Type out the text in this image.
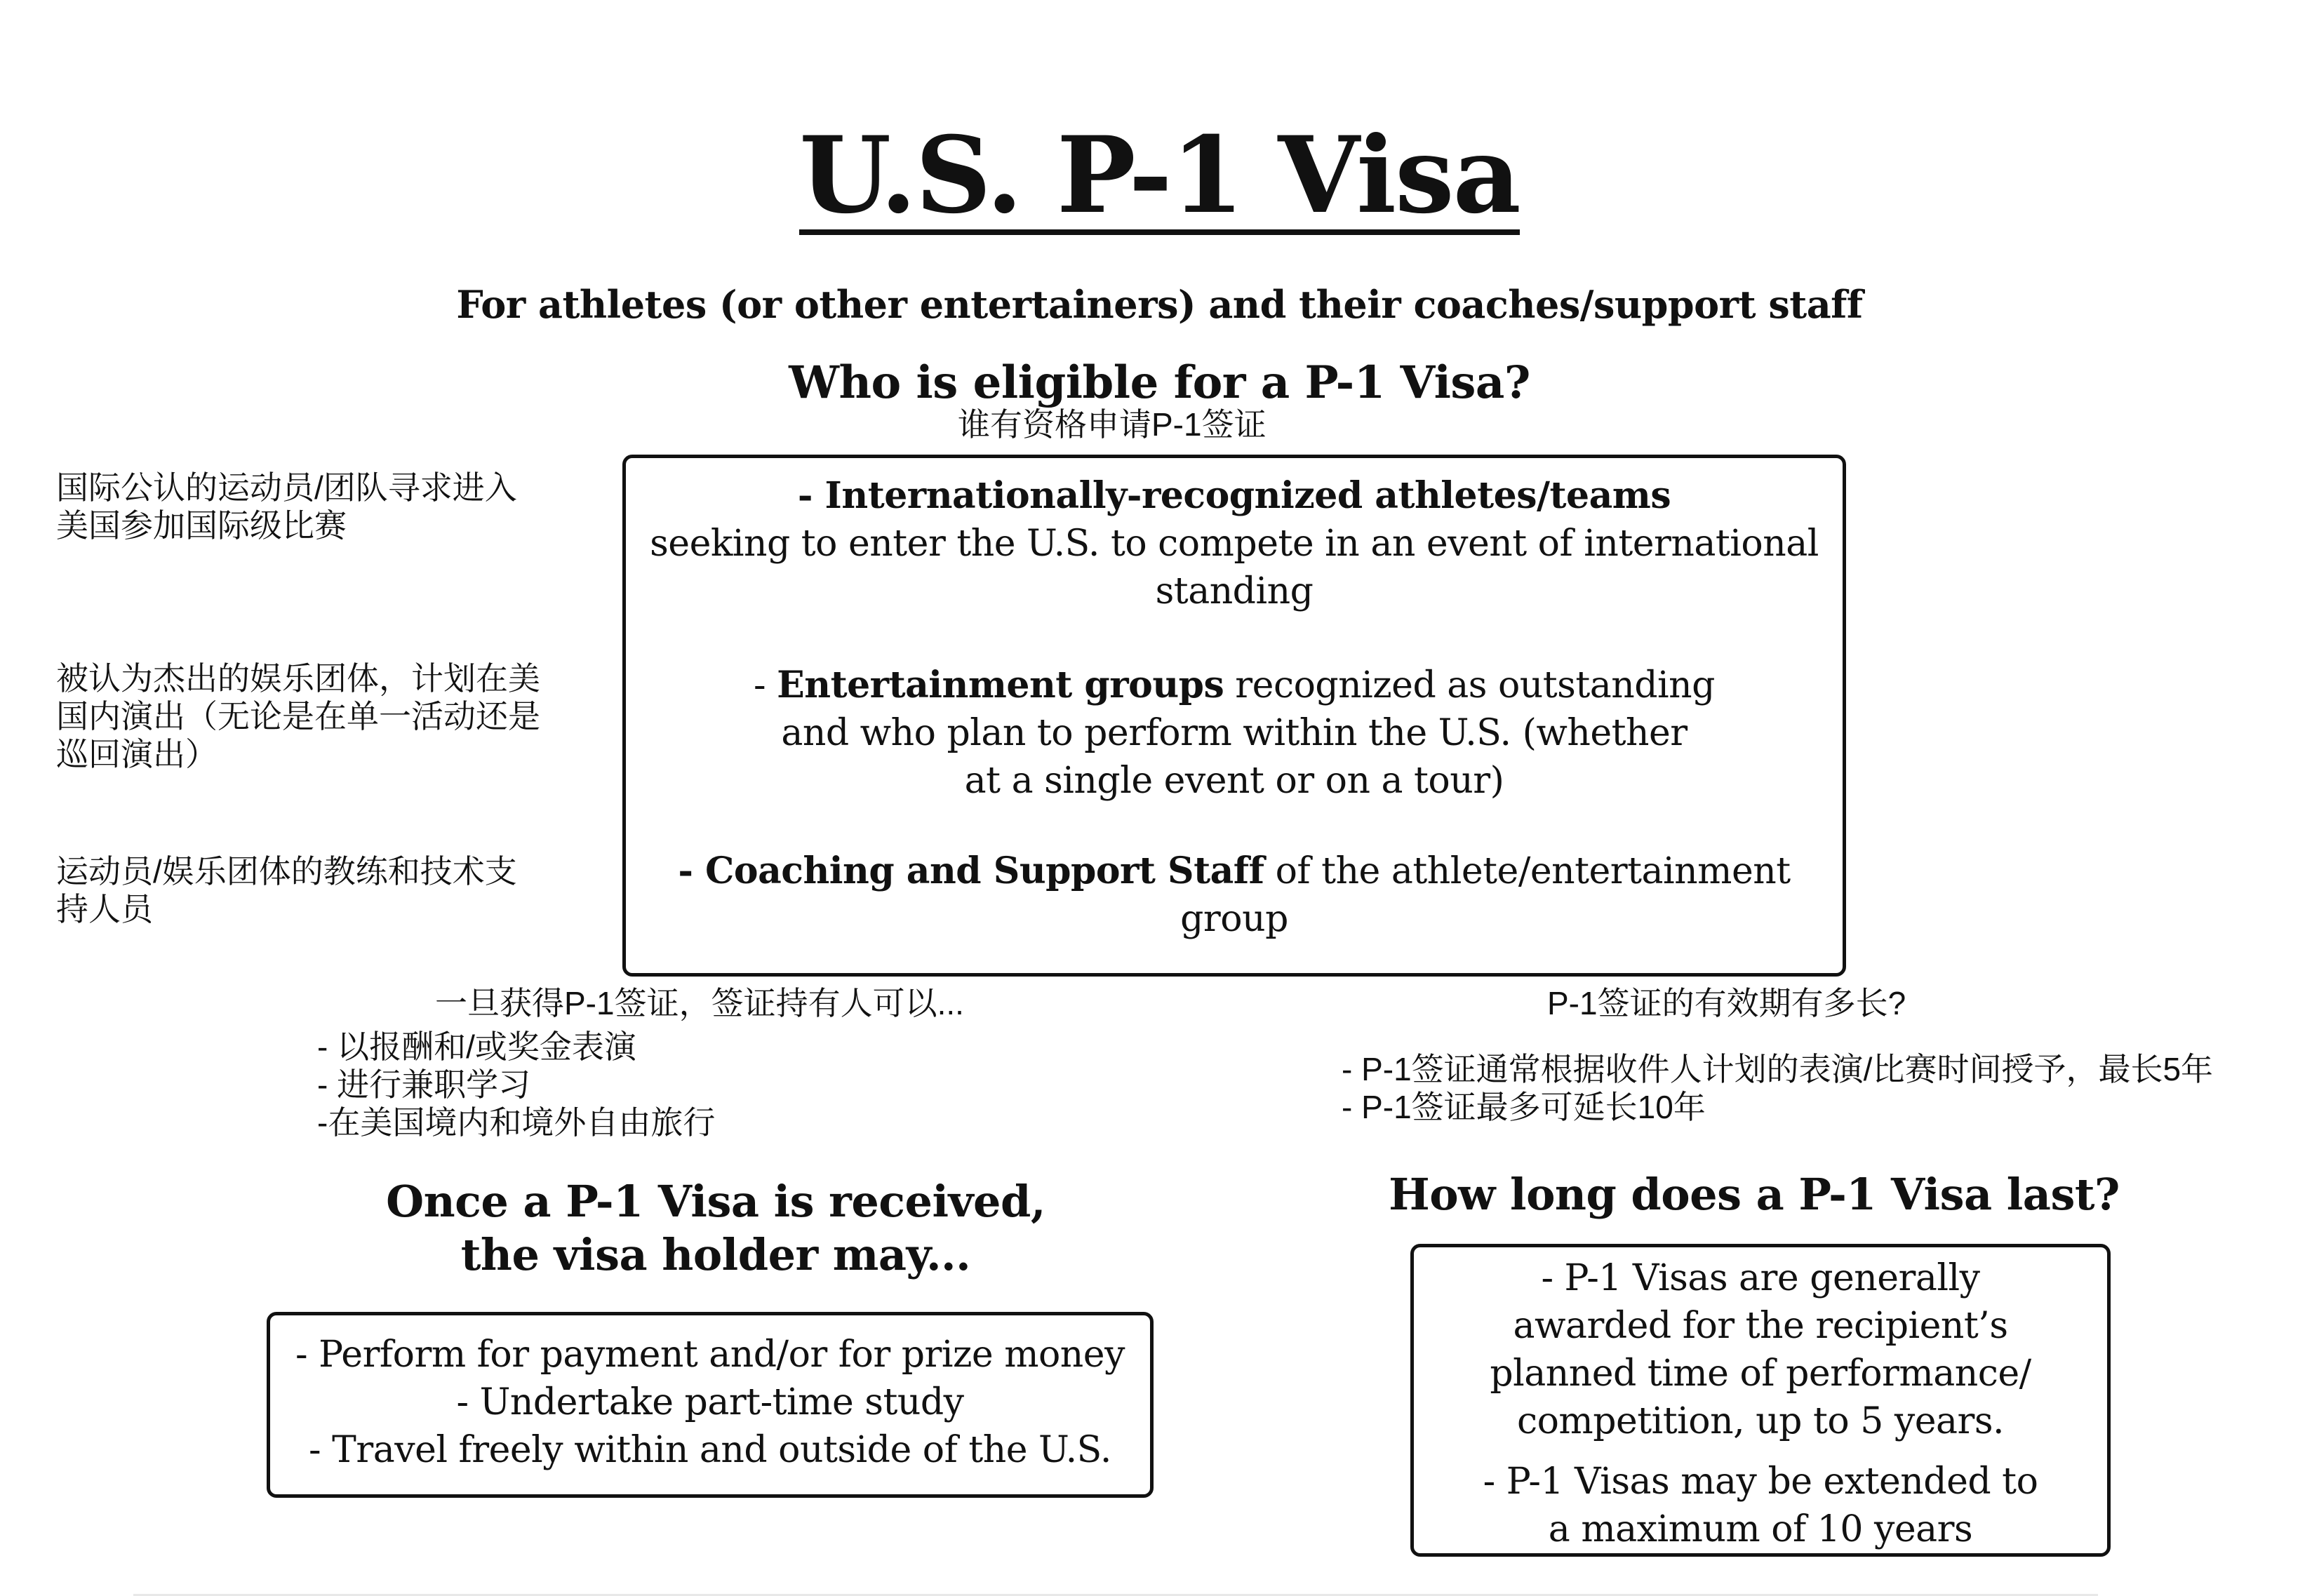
U.S. P-1 Visa
For athletes (or other entertainers) and their coaches/support staff
Who is eligible for a P-1 Visa?
谁有资格申请P-1签证
国际公认的运动员/团队寻求进入
美国参加国际级比赛
被认为杰出的娱乐团体，计划在美
国内演出（无论是在单一活动还是
巡回演出）
运动员/娱乐团体的教练和技术支
持人员
- Internationally-recognized athletes/teams
seeking to enter the U.S. to compete in an event of international
standing
- Entertainment groups recognized as outstanding
and who plan to perform within the U.S. (whether
at a single event or on a tour)
- Coaching and Support Staff of the athlete/entertainment
group
一旦获得P-1签证，签证持有人可以...
- 以报酬和/或奖金表演
- 进行兼职学习
-在美国境内和境外自由旅行
P-1签证的有效期有多长?
- P-1签证通常根据收件人计划的表演/比赛时间授予，最长5年
- P-1签证最多可延长10年
Once a P-1 Visa is received,
the visa holder may...
- Perform for payment and/or for prize money
- Undertake part-time study
- Travel freely within and outside of the U.S.
How long does a P-1 Visa last?
- P-1 Visas are generally
awarded for the recipient’s
planned time of performance/
competition, up to 5 years.
- P-1 Visas may be extended to
a maximum of 10 years
